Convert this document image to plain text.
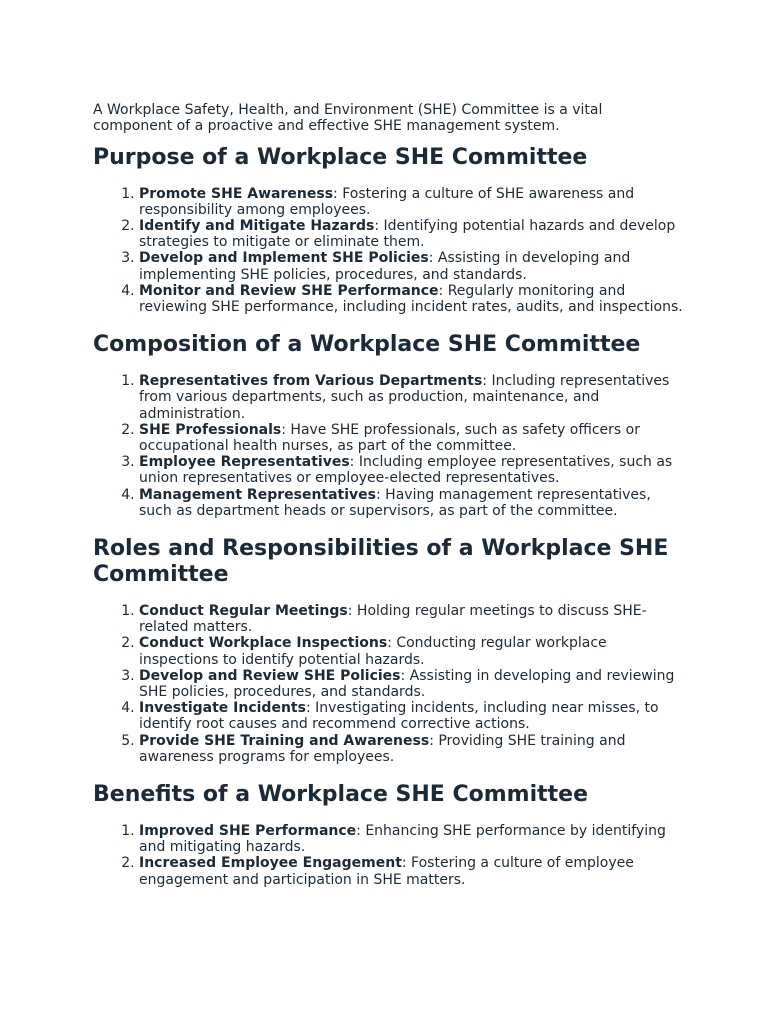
A Workplace Safety, Health, and Environment (SHE) Committee is a vital component of a proactive and effective SHE management system.

Purpose of a Workplace SHE Committee
1. Promote SHE Awareness: Fostering a culture of SHE awareness and responsibility among employees.
2. Identify and Mitigate Hazards: Identifying potential hazards and develop strategies to mitigate or eliminate them.
3. Develop and Implement SHE Policies: Assisting in developing and implementing SHE policies, procedures, and standards.
4. Monitor and Review SHE Performance: Regularly monitoring and reviewing SHE performance, including incident rates, audits, and inspections.
Composition of a Workplace SHE Committee
1. Representatives from Various Departments: Including representatives from various departments, such as production, maintenance, and administration.
2. SHE Professionals: Have SHE professionals, such as safety officers or occupational health nurses, as part of the committee.
3. Employee Representatives: Including employee representatives, such as union representatives or employee-elected representatives.
4. Management Representatives: Having management representatives, such as department heads or supervisors, as part of the committee.
Roles and Responsibilities of a Workplace SHE Committee
1. Conduct Regular Meetings: Holding regular meetings to discuss SHE-related matters.
2. Conduct Workplace Inspections: Conducting regular workplace inspections to identify potential hazards.
3. Develop and Review SHE Policies: Assisting in developing and reviewing SHE policies, procedures, and standards.
4. Investigate Incidents: Investigating incidents, including near misses, to identify root causes and recommend corrective actions.
5. Provide SHE Training and Awareness: Providing SHE training and awareness programs for employees.
Benefits of a Workplace SHE Committee
1. Improved SHE Performance: Enhancing SHE performance by identifying and mitigating hazards.
2. Increased Employee Engagement: Fostering a culture of employee engagement and participation in SHE matters.
